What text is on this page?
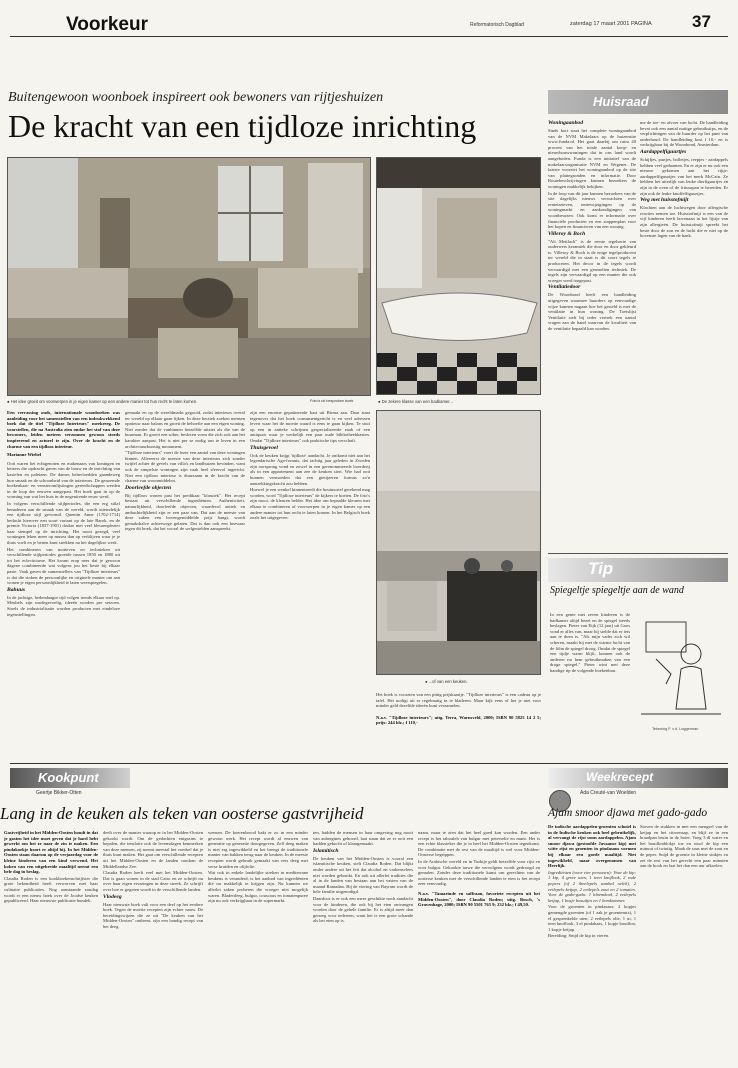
Voorkeur	Reformatorisch Dagblad	zaterdag 17 maart 2001 PAGINA 37
Buitengewoon woonboek inspireert ook bewoners van rijtjeshuizen
De kracht van een tijdloze inrichting
● Het idee groeit om voorwerpen in je eigen kamer op een andere manier tot hun recht te laten komen.	Foto's uit besproken boek	● De zekere klasse van een badkamer...

Een verrassing ouds, internationale woonboeken was aanleiding voor het samenstellen van een indrukwekkend boek dat de titel "Tijdloze Interieurs" meekreeg. De voorstellen, die na Australia zien ondar het stof van deze bewoners, leiden meteen verzonnen gewoon stoeds inspirerend en actueel te zijn. Over de kracht en de charme van een tijdloos interieur.

Marianne Wiebel

Ooit waren het echtgenoten en makenaars van koningen en keizers die opdracht gaven van de bouw en de inrichting van kastelen en paleizen. De dames beïnvloedden gaandeweg hun smaak en de schoonheid van de interieurs. De genoemde boekenkast- en vensteromlijstingen gereedschappen werden in de loop der eeuwen aangepast. Het boek gaat in op de vorming van wat het huis in de negentiende eeuw werd.

In volgens verschillende stijlperiodes, die een erg stilaf benaderen aan de smaak van de wereld, wordt uiteindelijk een tijdloze stijl gevormd. Quentin Anne (1702-1714) bedacht hierover een soort variant op de late Barok, en de premie Victoria (1837-1901) drukte met veel kleurenplezier haar stempel op de inrichting. Het nooit gezegd, veel woningen leken meer op musea dan op verblijven waar je je thuis voelt en je benen kunt strekken na het dagelijkse werk.

Het combineren van motieven en technieken uit verschillende stijlperiodes groeide tussen 1850 en 1880 uit tot het eclecticisme. Het kwam erop neer dat je gewoon dàgene combineerde wat volgens jou het beste bij elkaar paste. Vaak gaven de samenstellers van "Tijdloze interieurs" is dat die stoken de persoonlijke en originele manier om aan wonen je eigen persoonlijkheid te laten weerspiegelen.

Bahuus

In de jachtige, hedendaagse tijd volgen trends elkaar snel op. Meubels zijn modegevoelig, ideeën worden per seizoen. Stoels de industrialisatie worden producten met eindeloze tegenstellingen.

gemaakt en op de wereldmarkt gegooid, zodat interieurs overal ter wereld op elkaar gaan lijken. In deze hectiek zoeken mensen opnieuw naar balans en groeit de behoefte aan een eigen woning. Niet zonder dat de vanbinnen hetzelfde uitziet als die van de buurman. Er groeit een sober, besloten vorm die zich ook aan het karakter aanpast. Het is niet per se nodig om te leven in een architectuurkunstig monument.

"Tijdloze interieurs" voert de lezer een aantal van deze woningen binnen. Allereerst de meeste van deze interieurs zich zonder twijfel achter de gevels van villa's en landhuizen bevinden, want ook de simpelste woningen zijn vaak heel sfeervol ingericht. Niet een tijdloos interieur is duurzaam in de kracht van de charme van woonmiddelen.

Doorleefde objecten

Bij tijdloos wonen past het predikaat "klassiek". Het recept bestaat uit verschillende ingrediënten. Authenticiteit, natuurlijkheid, doorleefde objecten, waardevol antiek en ambachtelijkheid zijn er een paar van. Dat aan de meeste van deze zaken een bovengemiddelde prijs hangt, wordt gemakshalve achterwege gelaten. Dat is dan ook een bezwaar tegen dit boek, dat het vooral de welgestelden aanspreekt.

zijn een enorme gepatineerde kast uit Birma aan. Daar staat tegenover dat het boek consumentgericht is en veel adressen levert waar het de moeite waard is eens te gaan kijken. Te stuit op een in antieke schrijnen gespecialiseerde zaak of een antiquair waar je werkelijk een paar oude bibliotheekkasten. Omdat "Tijdloze interieurs" ook praktische tips verschaft.

Thuisgevoel

Ook de keuken krijgt 'tijdloze' aandacht. Je ontkomt niet aan het legendarische Aga-fornuis, dat tachtig jaar geleden in Zweden zijn oorsprong vond en zowel in een gerenommeerde boerderij als in een appartement aan zee de keuken siert. Wie had ooit kunnen vermoeden dat een gietijzeren fornuis zo'n aantrekkingskracht zou hebben.

Hoewel je een wenkel binnentreedt die houtmortel gerekend mag worden, word "Tijdloze interieurs" de kijkers te boeien. De foto's zijn mooi, de kleuren helder. Het idee om bepaalde kleuren met elkaar te combineren of voorwerpen in je eigen kamer op een andere manier tot hun recht te laten komen. In het Belgisch boek zoals het uitgegeven.

● ...of van een keuken.

Het boek is voorzien van een pittig prijskaartje. "Tijdloze interieurs" is een cadeau op je tafel. Het nodigt uit er regelmatig in te bladeren. Maar kijk eens of het je niet voor minder geld dezelfde ideeën kunt verzamelen.

N.a.v. "Tijdloze interieurs"; uitg. Terra, Warnsveld, 2000; ISBN 90 5825 14 2 5; prijs: 244 blz.; f 110,-

Huisraad

Woningaanbod

Sinds kort staat het complete woningaanbod van de NVM Makelaars op de huizensite www.funda.nl. Het gaat daarbij om ruim 40 procent van het totale aantal koop- en nieuwbouwwoningen dat in ons land wordt aangeboden. Funda is een initiatief van de makelaarsorganisatie NVM en Wegener. De laatste voorziet het woningaanbod op de site van plattegronden en informatie. Door Routebeschrijvingen kunnen bezoekers de woningen makkelijk bekijken.

In de loop van dit jaar kunnen bezoekers van de site dagelijks nieuws verwachten over rentetarieven, rentewijzigingen op de woningmarkt en aankondigingen van woonbeurzen. Ook komt er informatie over financiële producten en een stappenplan voor het kopen en financieren van een woning.

Villeroy & Boch

"Alt Mettlach" is de eerste tegelserie van ouderwets keramiek die door en door gekleurd is. Villeroy & Boch is de enige tegelproducent ter wereld die in staat is dit soort tegels te produceren. Het decor in de tegels wordt vervaardigd met een gesmolten techniek. De tegels zijn vervaardigd op een manier die ook vroeger werd toegepast.

Ventilatiedoor

De Woonbond heeft een handleiding uitgegeven waarmee huurders op eenvoudige wijze kunnen nagaan hoe het gesteld is met de ventilatie in hun woning. De Toetslijst Ventilatie stelt bij ieder vertrek een aantal vragen aan de hand waarvan de kwaliteit van de ventilatie bepaald kan worden.

me de toe- en afvoer van lucht. De handleiding bevat ook een aantal nuttige gebruikstips, en de verplichtingen van de huurder op het punt van onderhoud. De handleiding kost f 10,- en is verkrijgbaar bij de Woonbond, Amsterdam.

Aardappelfiguurtjes

Schijfjes, partjes, bolletjes, reepjes - aardappels hebben veel gedaanten. En er zijn er nu ook een nieuwe gekomen aan het rijtje: aardappelfiguurtjes van het merk McCain. Ze hebben het uiterlijk van leuke dierfiguurtjes en zijn in de oven of de frituurpan te bereiden. Er zijn ook de leuke knuffelfiguurtjes.

Weg met huisstofmijt

Klachten aan de luchtwegen door allergische reacties nemen toe. Huisstofmijt is een van de vijf kinderen heeft bovenaan in het lijstje van zijn allergieën. De huisstofmijt spreekt het beste door de zon en de lucht die er niet op de bovenste lagen van de bank.

Tip
Spiegeltje spiegeltje aan de wand
In een genie met zeven kinderen is de badkamer altijd bezet en de spiegel steeds beslagen. Pieter van Eijk (12 jaar) uit Goes vond er alles van, maar hij stelde dat er iets aan te doen is. "Als mijn vader zich wil scheren, maakt hij met de warme lucht van de föhn de spiegel droog. Omdat de spiegel een tijdje warm blijft, kunnen ook de anderen nu hem gebruikmaken van een droge spiegel." Pieter wint met deze handige tip de volgende boekenbon.
Tekening F. v.d. Loggerman
Kookpunt
Geertje Bikker-Otten
Lang in de keuken als teken van oosterse gastvrijheid

Gastvrijheid in het Midden-Oosten houdt in dat je gasten het idee moet geven dat je hard hebt gewerkt om het ze naar de zin te maken. Een pindakoekje hoort er altijd bij. In het Midden-Oosten staan daarom op de verjaardag voor de kleine kinderen van een kind verwend. Het koken van een uitgebreide maaltijd neemt een hele dag in beslag.

Claudia Roden is een kookboekenschrijfster die grote bekendheid heeft verworven met haar culinaire publicaties. Nog aanstaande zondag wordt er een nieuw boek over de Joodse keuken gepubliceerd. Haar nieuwste publicatie bundelt.

deelt over de manier waarop er in het Midden-Oosten gekookt wordt. Om de gedachten enigszins te bepalen, die tenslotte ook de levensdagen kenmerken van deze mensen, zij noemt meestal het voedsel dat je thuis kunt maken. Het gaat om verschillende recepten uit het Midden-Oosten en de landen rondom de Middellandse Zee.

Claudia Roden heeft veel met het Midden-Oosten. Dat is gaan wonen in de stad Cairo en ze schrijft nu over haar eigen ervaringen in deze streek. Ze schrijft over hoe er gegeten wordt in de verschillende landen.

Vlodeeg

Haar nieuwste boek valt voor een deel op het eerdere boek. Tegen de moeite recepten zijn echter nauw. De bereidingswijzen die ze uit "De keuken van het Midden-Oosten" ontleent, zijn een handig recept van het deeg.

wensen. De boerenbrood bakt er zo in een minder gewoon werk. Het recept wordt al eeuwen van generatie op generatie doorgegeven. Zelf deeg maken is niet erg ingewikkeld en het brengt de traditionele manier van bakken terug naar de keuken. In de meeste recepten wordt gebruik gemaakt van vers deeg met verse kruiden en olijfolie.

Wat ook in enkele landelijke streken in mediterrane keukens is veranderd, is het aanbod van ingrediënten die nu makkelijk te krijgen zijn. Nu kunnen we allerlei zaken proberen die vroeger niet mogelijk waren. Bladerdeeg, bulgur, couscous en tomatenpuree zijn nu ook verkrijgbaar in de supermarkt.

ten, hadden de mensen in haar omgeving nog nooit van aubergines gehoord, laat staan dat ze er ooit een hadden gekocht of klaargemaakt.

Islamitisch

De keuken van het Midden-Oosten is vooral een islamitische keuken, stelt Claudia Roden. Dat blijkt onder andere uit het feit dat alcohol en varkensvlees niet worden gebruikt. En ook uit allerlei tradities die al in de landen van bestaan aan het vasten van de maand Ramadan. Bij de viering van Bayram wordt de hele familie uitgenodigd.

Daardoor is er ook een meer geschikte noch aandacht voor de kinderen, die ook bij het eten ontvangen worden door de gehele familie. Er is altijd meer dan genoeg voor iedereen, want het is een grote schande als het eten op is.

naam, maar te zien dat het heel goed kan worden. Een ander recept is het tabouleh van bulgur met peterselie en munt. Het is een echte klassieker die je in heel het Midden-Oosten tegenkomt. De combinatie met de rest van de maaltijd is wel voor Midden-Oosterse begrippen.

In de Arabische wereld en in Turkije geldt hetzelfde voor rijst en voor bulgur. Gekookte tarwe die vervolgens wordt gedroogd en gemalen. Zonder deze traditionele kunst om gerechten van de oosterse keuken met de verschillende landen te eten is het recept zeer eenvoudig.

N.a.v. "Tamarinde en saffraan, favoriete recepten uit het Midden-Oosten", door Claudia Roden; uitg. Bosch, 's Gravenhage, 2000; ISBN 90 5501 765 9; 232 blz.; f 49,50.

Weekrecept
Ada Creuté-van Woelden
Ajam smoor djawa met gado-gado

De indische aardappelen-groenten schotel is in de Indische keuken ook heel gebruikelijk, al vervangt de rijst soms aardappelen. Ajam smoor djawa (gestoofde Javaanse kip) met witte rijst en groenten in pindasaus vormen bij elkaar een goede maaltijd. Niet ingewikkeld, maar overgenomen van Heerlijk.

Ingrediënten (voor vier personen): Voor de kip: 1 kip, 4 grote uien, 1 teen knoflook, 2 rode pepers (of 2 theelepels sambal oelek), 2 eetlepels ketjap, 2 eetlepels zout en 2 tomaten. Voor de gado-gado: 1 bloemkool, 2 eetlepels ketjap, 1 bosje bosuitjes en 1 komkommer.

Voor de groenten in pindasaus: 2 kopjes gemengde groenten (of 1 zak je groentemix), 1 el gesprenkelde uien, 2 eetlepels olie, 1 ui, 1 teen knoflook, 3 el pindakaas, 1 kopje bouillon, 1 kopje ketjap.

Bereiding: Snijd de kip in vieren.

Stoven de stukken in met een mengsel van de ketjap en het citroensap, en blijf ze in een braadpan bruin in de boter. Voeg 3 dl water en het bouillonblokje toe en stoof de kip een minuut of twintig. Maak de saus met de zout en de peper. Snijd de groente in kleine stukjes en zet de rest van het gerecht een paar minuten aan de kook en laat het dan een uur afkoelen.
